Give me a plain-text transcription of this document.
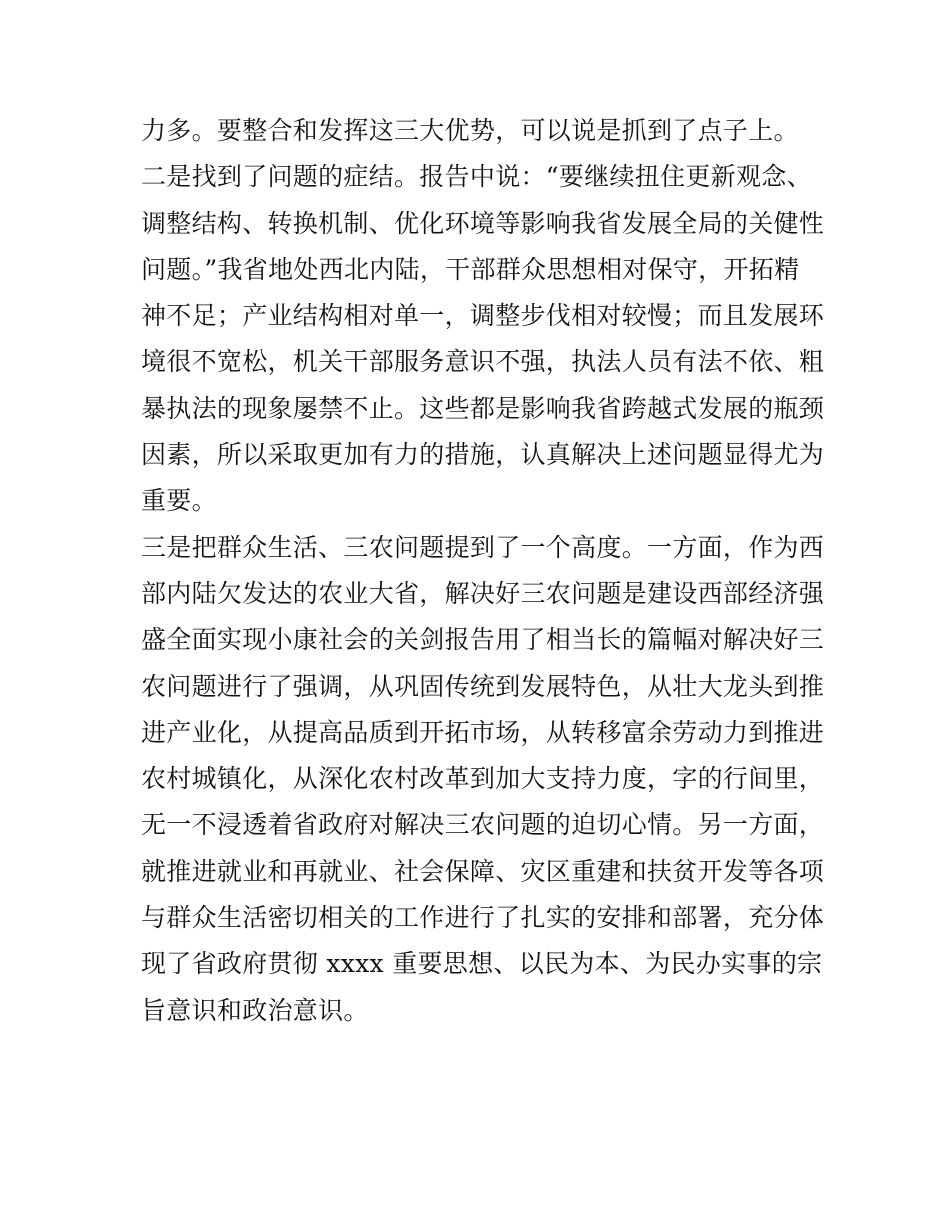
力多。要整合和发挥这三大优势，可以说是抓到了点子上。
二是找到了问题的症结。报告中说：“要继续扭住更新观念、
调整结构、转换机制、优化环境等影响我省发展全局的关健性
问题。”我省地处西北内陆，干部群众思想相对保守，开拓精
神不足；产业结构相对单一，调整步伐相对较慢；而且发展环
境很不宽松，机关干部服务意识不强，执法人员有法不依、粗
暴执法的现象屡禁不止。这些都是影响我省跨越式发展的瓶颈
因素，所以采取更加有力的措施，认真解决上述问题显得尤为
重要。
三是把群众生活、三农问题提到了一个高度。一方面，作为西
部内陆欠发达的农业大省，解决好三农问题是建设西部经济强
盛全面实现小康社会的关剑报告用了相当长的篇幅对解决好三
农问题进行了强调，从巩固传统到发展特色，从壮大龙头到推
进产业化，从提高品质到开拓市场，从转移富余劳动力到推进
农村城镇化，从深化农村改革到加大支持力度，字的行间里，
无一不浸透着省政府对解决三农问题的迫切心情。另一方面，
就推进就业和再就业、社会保障、灾区重建和扶贫开发等各项
与群众生活密切相关的工作进行了扎实的安排和部署，充分体
现了省政府贯彻 xxxx 重要思想、以民为本、为民办实事的宗
旨意识和政治意识。
